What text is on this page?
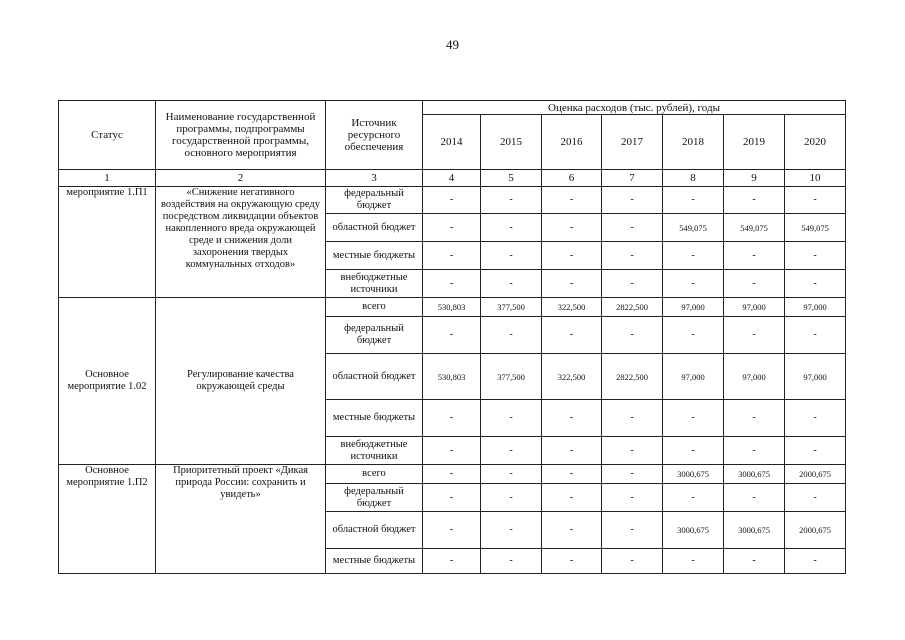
49
Статус	Наименование государственной программы, подпрограммы государственной программы, основного мероприятия	Источник ресурсного обеспечения	Оценка расходов (тыс. рублей), годы						
			2014	2015	2016	2017	2018	2019	2020
1	2	3	4	5	6	7	8	9	10
мероприятие 1.П1	«Снижение негативного воздействия на окружающую среду посредством ликвидации объектов накопленного вреда окружающей среде и снижения доли захоронения твердых коммунальных отходов»	федеральный бюджет	-	-	-	-	-	-	-
		областной бюджет	-	-	-	-	549,075	549,075	549,075
		местные бюджеты	-	-	-	-	-	-	-
		внебюджетные источники	-	-	-	-	-	-	-
Основное мероприятие 1.02	Регулирование качества окружающей среды	всего	530,803	377,500	322,500	2822,500	97,000	97,000	97,000
		федеральный бюджет	-	-	-	-	-	-	-
		областной бюджет	530,803	377,500	322,500	2822,500	97,000	97,000	97,000
		местные бюджеты	-	-	-	-	-	-	-
		внебюджетные источники	-	-	-	-	-	-	-
Основное мероприятие 1.П2	Приоритетный проект «Дикая природа России: сохранить и увидеть»	всего	-	-	-	-	3000,675	3000,675	2000,675
		федеральный бюджет	-	-	-	-	-	-	-
		областной бюджет	-	-	-	-	3000,675	3000,675	2000,675
		местные бюджеты	-	-	-	-	-	-	-
